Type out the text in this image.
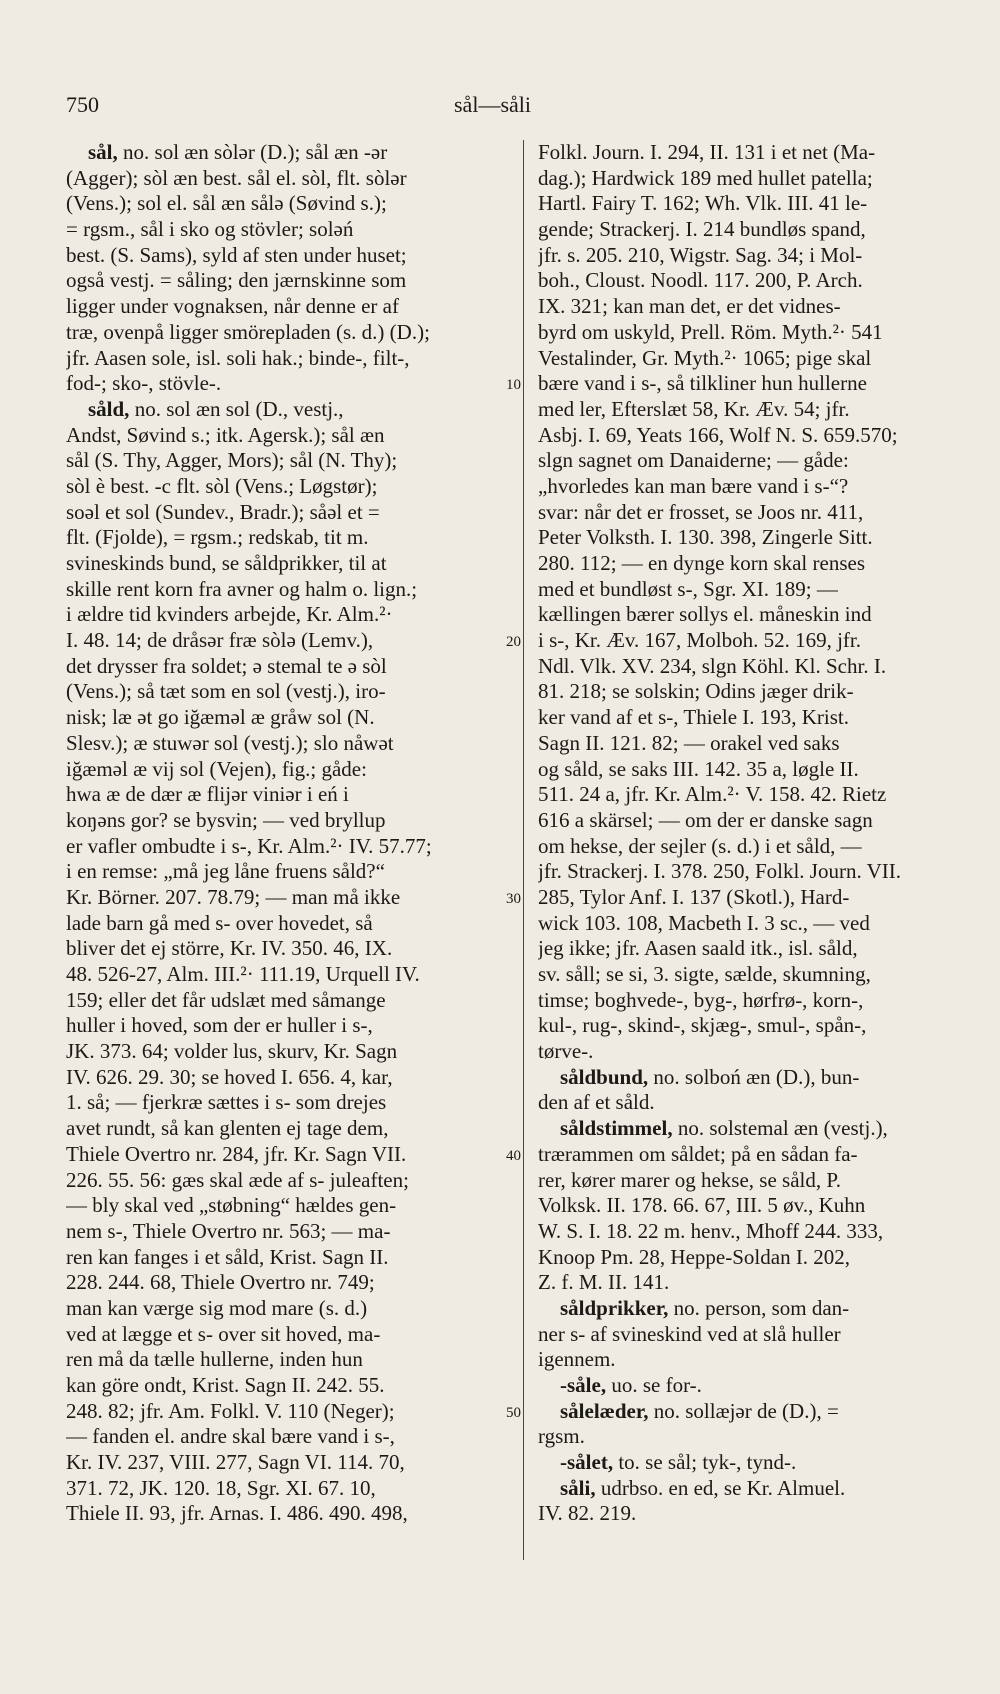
750	sål—såli
sål, no. sol æn sòlər (D.); sål æn -ər
(Agger); sòl æn best. sål el. sòl, flt. sòlər
(Vens.); sol el. sål æn sålə (Søvind s.);
= rgsm., sål i sko og stövler; soləń
best. (S. Sams), syld af sten under huset;
også vestj. = såling; den jærnskinne som
ligger under vognaksen, når denne er af
træ, ovenpå ligger smörepladen (s. d.) (D.);
jfr. Aasen sole, isl. soli hak.; binde-, filt-,
fod-; sko-, stövle-.
såld, no. sol æn sol (D., vestj.,
Andst, Søvind s.; itk. Agersk.); sål æn
sål (S. Thy, Agger, Mors); sål (N. Thy);
sòl è best. -c flt. sòl (Vens.; Løgstør);
soəl et sol (Sundev., Bradr.); såəl et =
flt. (Fjolde), = rgsm.; redskab, tit m.
svineskinds bund, se såldprikker, til at
skille rent korn fra avner og halm o. lign.;
i ældre tid kvinders arbejde, Kr. Alm.²·
I. 48. 14; de dråsər fræ sòlə (Lemv.),
det drysser fra soldet; ə stemal te ə sòl
(Vens.); så tæt som en sol (vestj.), iro-
nisk; læ ət go iğæməl æ gråw sol (N.
Slesv.); æ stuwər sol (vestj.); slo nåwət
iğæməl æ vij sol (Vejen), fig.; gåde:
hwa æ de dær æ flijər viniər i eń i
koŋəns gor? se bysvin; — ved bryllup
er vafler ombudte i s-, Kr. Alm.²· IV. 57.77;
i en remse: „må jeg låne fruens såld?“
Kr. Börner. 207. 78.79; — man må ikke
lade barn gå med s- over hovedet, så
bliver det ej större, Kr. IV. 350. 46, IX.
48. 526-27, Alm. III.²· 111.19, Urquell IV.
159; eller det får udslæt med såmange
huller i hoved, som der er huller i s-,
JK. 373. 64; volder lus, skurv, Kr. Sagn
IV. 626. 29. 30; se hoved I. 656. 4, kar,
1. så; — fjerkræ sættes i s- som drejes
avet rundt, så kan glenten ej tage dem,
Thiele Overtro nr. 284, jfr. Kr. Sagn VII.
226. 55. 56: gæs skal æde af s- juleaften;
— bly skal ved „støbning“ hældes gen-
nem s-, Thiele Overtro nr. 563; — ma-
ren kan fanges i et såld, Krist. Sagn II.
228. 244. 68, Thiele Overtro nr. 749;
man kan værge sig mod mare (s. d.)
ved at lægge et s- over sit hoved, ma-
ren må da tælle hullerne, inden hun
kan göre ondt, Krist. Sagn II. 242. 55.
248. 82; jfr. Am. Folkl. V. 110 (Neger);
— fanden el. andre skal bære vand i s-,
Kr. IV. 237, VIII. 277, Sagn VI. 114. 70,
371. 72, JK. 120. 18, Sgr. XI. 67. 10,
Thiele II. 93, jfr. Arnas. I. 486. 490. 498,
Folkl. Journ. I. 294, II. 131 i et net (Ma-
dag.); Hardwick 189 med hullet patella;
Hartl. Fairy T. 162; Wh. Vlk. III. 41 le-
gende; Strackerj. I. 214 bundløs spand,
jfr. s. 205. 210, Wigstr. Sag. 34; i Mol-
boh., Cloust. Noodl. 117. 200, P. Arch.
IX. 321; kan man det, er det vidnes-
byrd om uskyld, Prell. Röm. Myth.²· 541
Vestalinder, Gr. Myth.²· 1065; pige skal
bære vand i s-, så tilkliner hun hullerne
med ler, Efterslæt 58, Kr. Æv. 54; jfr.
Asbj. I. 69, Yeats 166, Wolf N. S. 659.570;
slgn sagnet om Danaiderne; — gåde:
„hvorledes kan man bære vand i s-“?
svar: når det er frosset, se Joos nr. 411,
Peter Volksth. I. 130. 398, Zingerle Sitt.
280. 112; — en dynge korn skal renses
med et bundløst s-, Sgr. XI. 189; —
kællingen bærer sollys el. måneskin ind
i s-, Kr. Æv. 167, Molboh. 52. 169, jfr.
Ndl. Vlk. XV. 234, slgn Köhl. Kl. Schr. I.
81. 218; se solskin; Odins jæger drik-
ker vand af et s-, Thiele I. 193, Krist.
Sagn II. 121. 82; — orakel ved saks
og såld, se saks III. 142. 35 a, løgle II.
511. 24 a, jfr. Kr. Alm.²· V. 158. 42. Rietz
616 a skärsel; — om der er danske sagn
om hekse, der sejler (s. d.) i et såld, —
jfr. Strackerj. I. 378. 250, Folkl. Journ. VII.
285, Tylor Anf. I. 137 (Skotl.), Hard-
wick 103. 108, Macbeth I. 3 sc., — ved
jeg ikke; jfr. Aasen saald itk., isl. såld,
sv. såll; se si, 3. sigte, sælde, skumning,
timse; boghvede-, byg-, hørfrø-, korn-,
kul-, rug-, skind-, skjæg-, smul-, spån-,
tørve-.
såldbund, no. solboń æn (D.), bun-
den af et såld.
såldstimmel, no. solstemal æn (vestj.),
trærammen om såldet; på en sådan fa-
rer, kører marer og hekse, se såld, P.
Volksk. II. 178. 66. 67, III. 5 øv., Kuhn
W. S. I. 18. 22 m. henv., Mhoff 244. 333,
Knoop Pm. 28, Heppe-Soldan I. 202,
Z. f. M. II. 141.
såldprikker, no. person, som dan-
ner s- af svineskind ved at slå huller
igennem.
-såle, uo. se for-.
sålelæder, no. sollæjər de (D.), =
rgsm.
-sålet, to. se sål; tyk-, tynd-.
såli, udrbso. en ed, se Kr. Almuel.
IV. 82. 219.
10
20
30
40
50
